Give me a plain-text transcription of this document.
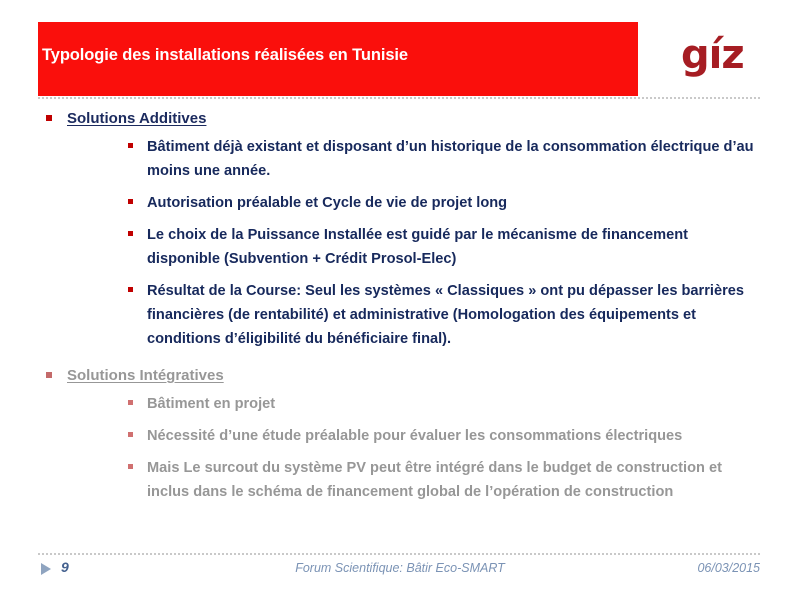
Typologie des installations réalisées en Tunisie	gíz
Solutions Additives
Bâtiment déjà existant et disposant d’un historique de la consommation électrique d’au moins une année.
Autorisation préalable et Cycle de vie de projet long
Le choix de la Puissance Installée est guidé par le mécanisme de financement disponible (Subvention + Crédit Prosol-Elec)
Résultat de la Course: Seul les systèmes « Classiques » ont pu dépasser les barrières financières (de rentabilité) et administrative (Homologation des équipements et conditions d’éligibilité du bénéficiaire final).
Solutions Intégratives
Bâtiment en projet
Nécessité d’une étude préalable pour évaluer les consommations électriques
Mais Le surcout du système PV peut être intégré dans le budget de construction et inclus dans le schéma de financement global de l’opération de construction
9	Forum Scientifique: Bâtir Eco-SMART	06/03/2015
